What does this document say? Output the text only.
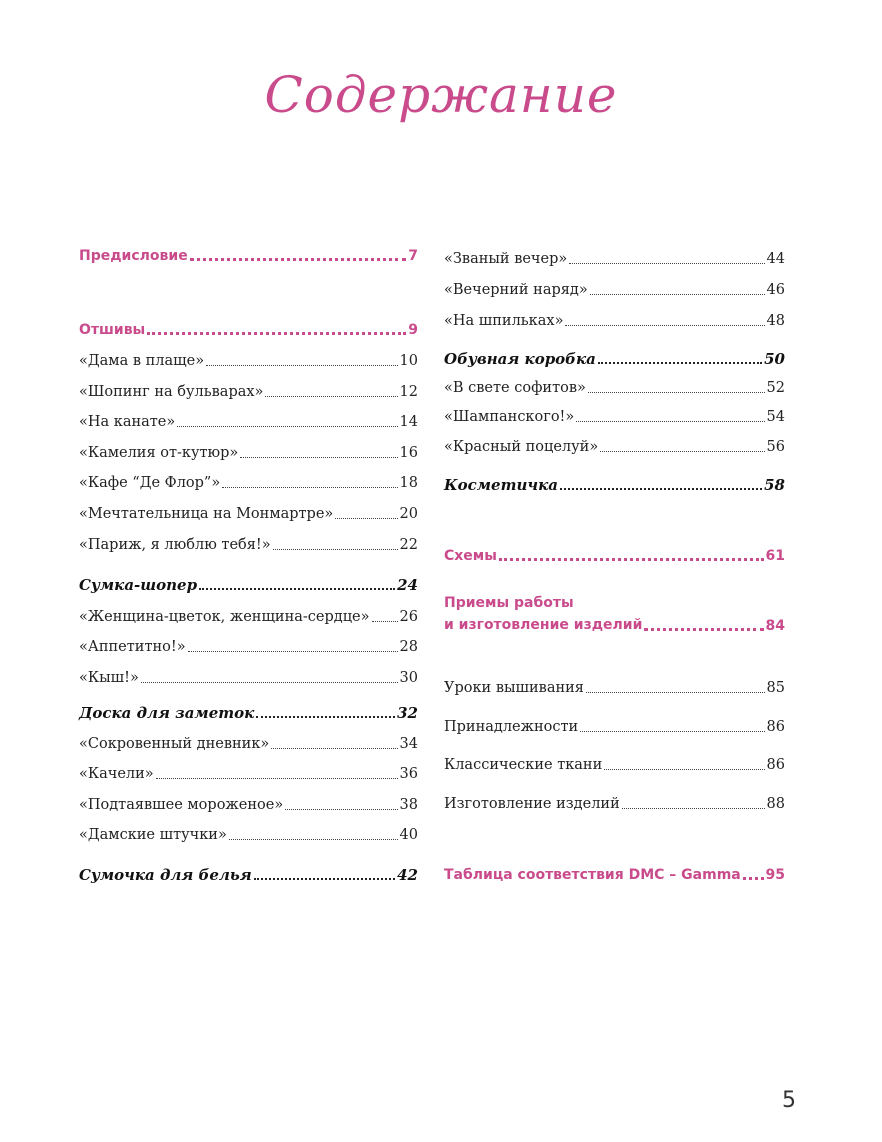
Содержание
Предисловие	7
Отшивы	9
«Дама в плаще»	10
«Шопинг на бульварах»	12
«На канате»	14
«Камелия от-кутюр»	16
«Кафе “Де Флор”»	18
«Мечтательница на Монмартре»	20
«Париж, я люблю тебя!»	22
Сумка-шопер	24
«Женщина-цветок, женщина-сердце» 26
«Аппетитно!»	28
«Кыш!»	30
Доска для заметок	32
«Сокровенный дневник»	34
«Качели»	36
«Подтаявшее мороженое»	38
«Дамские штучки»	40
Сумочка для белья	42
«Званый вечер»	44
«Вечерний наряд»	46
«На шпильках»	48
Обувная коробка	50
«В свете софитов»	52
«Шампанского!»	54
«Красный поцелуй»	56
Косметичка	58
Схемы	61
Приемы работы
и изготовление изделий	84
Уроки вышивания	85
Принадлежности	86
Классические ткани	86
Изготовление изделий	88
Таблица соответствия DMC – Gamma 95
5
